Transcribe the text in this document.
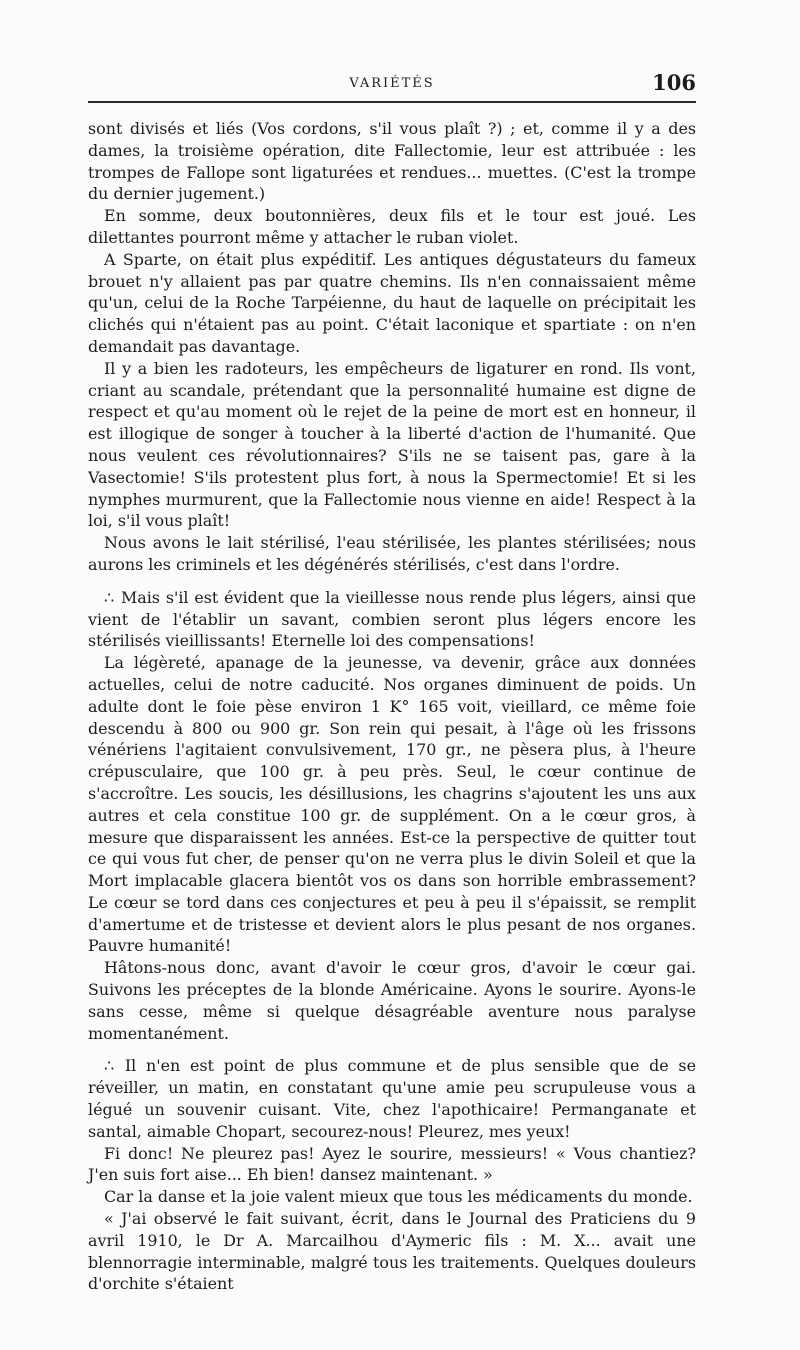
VARIÉTÉS	106

sont divisés et liés (Vos cordons, s'il vous plaît ?) ; et, comme il y a des dames, la troisième opération, dite Fallectomie, leur est attribuée : les trompes de Fallope sont ligaturées et rendues... muettes. (C'est la trompe du dernier jugement.)

En somme, deux boutonnières, deux fils et le tour est joué. Les dilettantes pourront même y attacher le ruban violet.

A Sparte, on était plus expéditif. Les antiques dégustateurs du fameux brouet n'y allaient pas par quatre chemins. Ils n'en connaissaient même qu'un, celui de la Roche Tarpéienne, du haut de laquelle on précipitait les clichés qui n'étaient pas au point. C'était laconique et spartiate : on n'en demandait pas davantage.

Il y a bien les radoteurs, les empêcheurs de ligaturer en rond. Ils vont, criant au scandale, prétendant que la personnalité humaine est digne de respect et qu'au moment où le rejet de la peine de mort est en honneur, il est illogique de songer à toucher à la liberté d'action de l'humanité. Que nous veulent ces révolutionnaires? S'ils ne se taisent pas, gare à la Vasectomie! S'ils protestent plus fort, à nous la Spermectomie! Et si les nymphes murmurent, que la Fallectomie nous vienne en aide! Respect à la loi, s'il vous plaît!

Nous avons le lait stérilisé, l'eau stérilisée, les plantes stérilisées; nous aurons les criminels et les dégénérés stérilisés, c'est dans l'ordre.

∴ Mais s'il est évident que la vieillesse nous rende plus légers, ainsi que vient de l'établir un savant, combien seront plus légers encore les stérilisés vieillissants! Eternelle loi des compensations!

La légèreté, apanage de la jeunesse, va devenir, grâce aux données actuelles, celui de notre caducité. Nos organes diminuent de poids. Un adulte dont le foie pèse environ 1 K° 165 voit, vieillard, ce même foie descendu à 800 ou 900 gr. Son rein qui pesait, à l'âge où les frissons vénériens l'agitaient convulsivement, 170 gr., ne pèsera plus, à l'heure crépusculaire, que 100 gr. à peu près. Seul, le cœur continue de s'accroître. Les soucis, les désillusions, les chagrins s'ajoutent les uns aux autres et cela constitue 100 gr. de supplément. On a le cœur gros, à mesure que disparaissent les années. Est-ce la perspective de quitter tout ce qui vous fut cher, de penser qu'on ne verra plus le divin Soleil et que la Mort implacable glacera bientôt vos os dans son horrible embrassement? Le cœur se tord dans ces conjectures et peu à peu il s'épaissit, se remplit d'amertume et de tristesse et devient alors le plus pesant de nos organes. Pauvre humanité!

Hâtons-nous donc, avant d'avoir le cœur gros, d'avoir le cœur gai. Suivons les préceptes de la blonde Américaine. Ayons le sourire. Ayons-le sans cesse, même si quelque désagréable aventure nous paralyse momentanément.

∴ Il n'en est point de plus commune et de plus sensible que de se réveiller, un matin, en constatant qu'une amie peu scrupuleuse vous a légué un souvenir cuisant. Vite, chez l'apothicaire! Permanganate et santal, aimable Chopart, secourez-nous! Pleurez, mes yeux!

Fi donc! Ne pleurez pas! Ayez le sourire, messieurs! « Vous chantiez? J'en suis fort aise... Eh bien! dansez maintenant. »

Car la danse et la joie valent mieux que tous les médicaments du monde.

« J'ai observé le fait suivant, écrit, dans le Journal des Praticiens du 9 avril 1910, le Dr A. Marcailhou d'Aymeric fils : M. X... avait une blennorragie interminable, malgré tous les traitements. Quelques douleurs d'orchite s'étaient
